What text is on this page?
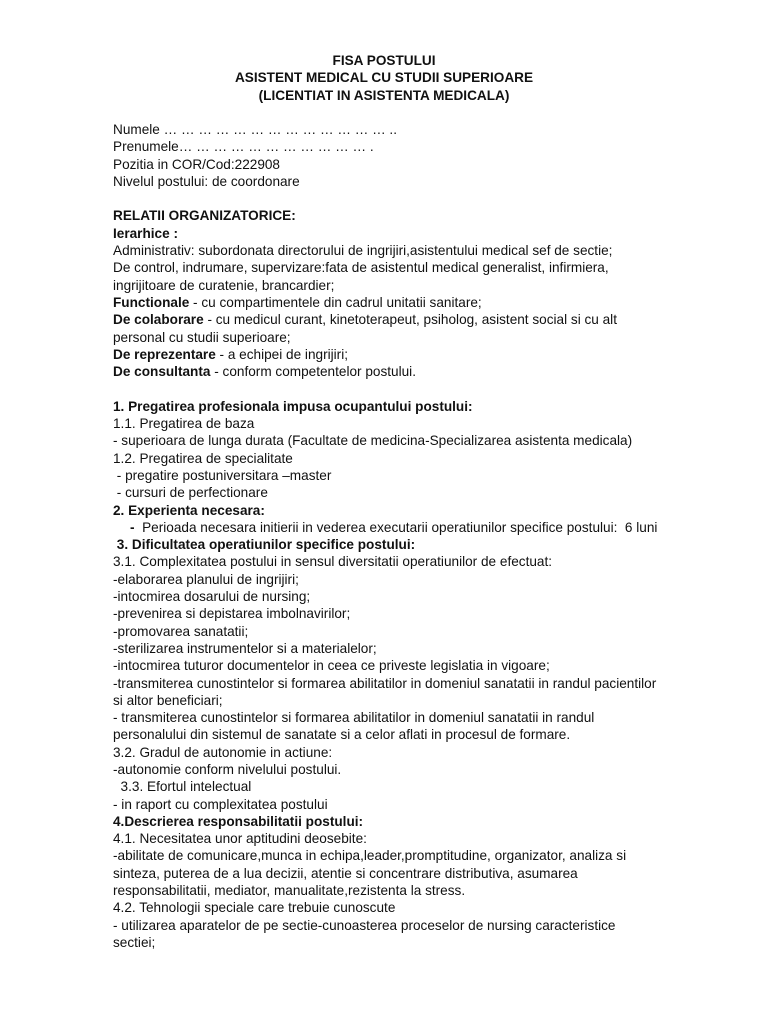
FISA POSTULUI
ASISTENT MEDICAL CU STUDII SUPERIOARE
(LICENTIAT IN ASISTENTA MEDICALA)
Numele … … … … … … … … … … … … … ..
Prenumele… … … … … … … … … … … .
Pozitia in COR/Cod:222908
Nivelul postului: de coordonare
RELATII ORGANIZATORICE:
Ierarhice :
Administrativ: subordonata directorului de ingrijiri,asistentului medical sef de sectie;
De control, indrumare, supervizare:fata de asistentul medical generalist, infirmiera,
ingrijitoare de curatenie, brancardier;
Functionale - cu compartimentele din cadrul unitatii sanitare;
De colaborare - cu medicul curant, kinetoterapeut, psiholog, asistent social si cu alt
personal cu studii superioare;
De reprezentare - a echipei de ingrijiri;
De consultanta - conform competentelor postului.
1. Pregatirea profesionala impusa ocupantului postului:
1.1. Pregatirea de baza
- superioara de lunga durata (Facultate de medicina-Specializarea asistenta medicala)
1.2. Pregatirea de specialitate
- pregatire postuniversitara –master
- cursuri de perfectionare
2. Experienta necesara:
-  Perioada necesara initierii in vederea executarii operatiunilor specifice postului:  6 luni
3. Dificultatea operatiunilor specifice postului:
3.1. Complexitatea postului in sensul diversitatii operatiunilor de efectuat:
-elaborarea planului de ingrijiri;
-intocmirea dosarului de nursing;
-prevenirea si depistarea imbolnavirilor;
-promovarea sanatatii;
-sterilizarea instrumentelor si a materialelor;
-intocmirea tuturor documentelor in ceea ce priveste legislatia in vigoare;
-transmiterea cunostintelor si formarea abilitatilor in domeniul sanatatii in randul pacientilor
si altor beneficiari;
- transmiterea cunostintelor si formarea abilitatilor in domeniul sanatatii in randul
personalului din sistemul de sanatate si a celor aflati in procesul de formare.
3.2. Gradul de autonomie in actiune:
-autonomie conform nivelului postului.
3.3. Efortul intelectual
- in raport cu complexitatea postului
4.Descrierea responsabilitatii postului:
4.1. Necesitatea unor aptitudini deosebite:
-abilitate de comunicare,munca in echipa,leader,promptitudine, organizator, analiza si
sinteza, puterea de a lua decizii, atentie si concentrare distributiva, asumarea
responsabilitatii, mediator, manualitate,rezistenta la stress.
4.2. Tehnologii speciale care trebuie cunoscute
- utilizarea aparatelor de pe sectie-cunoasterea proceselor de nursing caracteristice
sectiei;
